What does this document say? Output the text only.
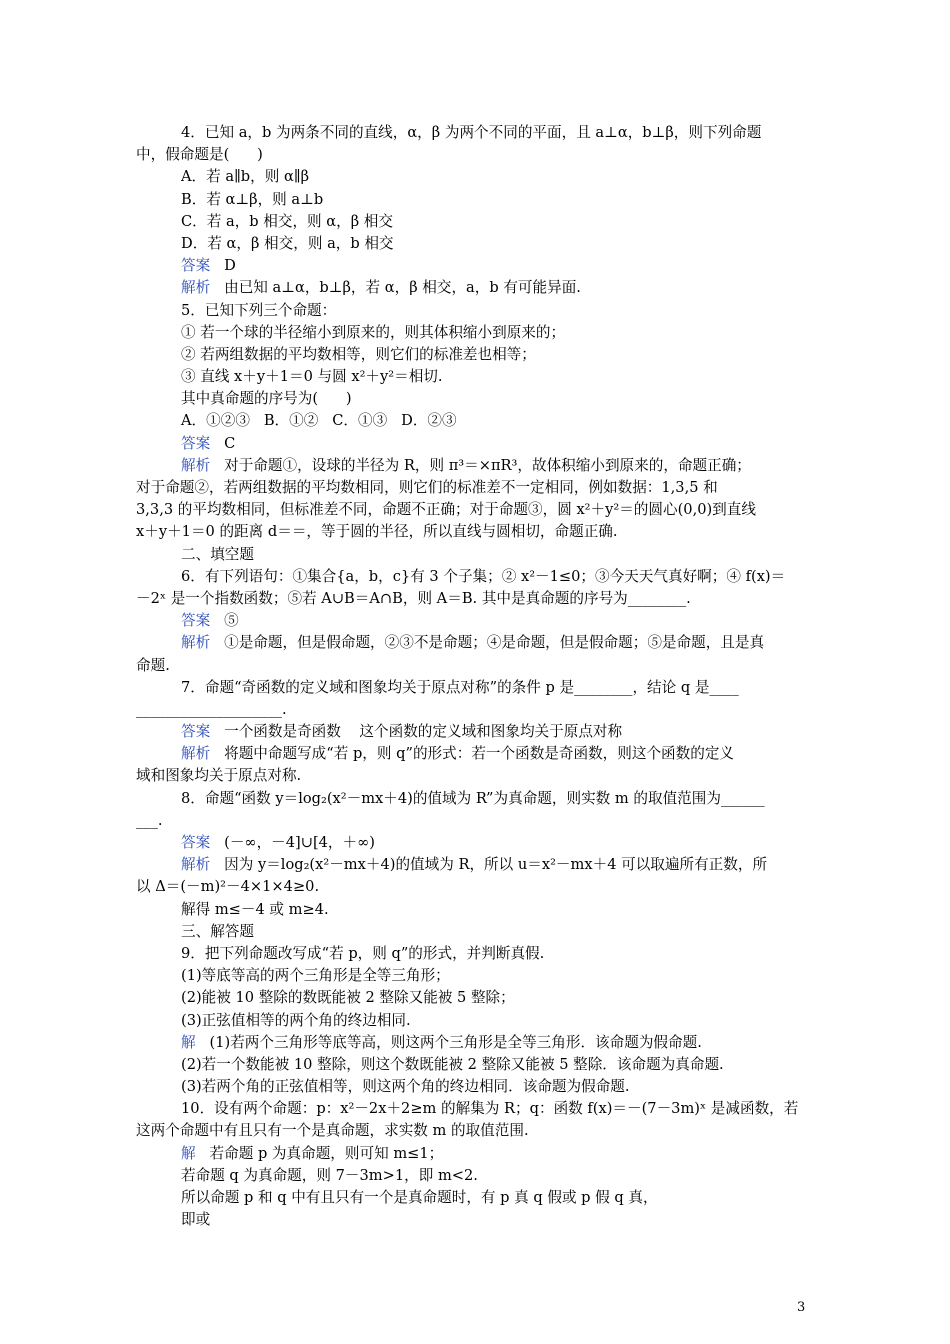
4．已知 a，b 为两条不同的直线，α，β 为两个不同的平面，且 a⊥α，b⊥β，则下列命题
中，假命题是(      )
A．若 a∥b，则 α∥β
B．若 α⊥β，则 a⊥b
C．若 a，b 相交，则 α，β 相交
D．若 α，β 相交，则 a，b 相交
答案   D
解析   由已知 a⊥α，b⊥β，若 α，β 相交，a，b 有可能异面.
5．已知下列三个命题：
① 若一个球的半径缩小到原来的，则其体积缩小到原来的；
② 若两组数据的平均数相等，则它们的标准差也相等；
③ 直线 x＋y＋1＝0 与圆 x²＋y²＝相切.
其中真命题的序号为(      )
A．①②③   B．①②   C．①③   D．②③
答案   C
解析   对于命题①，设球的半径为 R，则 π³＝×πR³，故体积缩小到原来的，命题正确；
对于命题②，若两组数据的平均数相同，则它们的标准差不一定相同，例如数据：1,3,5 和
3,3,3 的平均数相同，但标准差不同，命题不正确；对于命题③，圆 x²＋y²＝的圆心(0,0)到直线
x＋y＋1＝0 的距离 d＝＝，等于圆的半径，所以直线与圆相切，命题正确.
二、填空题
6．有下列语句：①集合{a，b，c}有 3 个子集；② x²－1≤0；③今天天气真好啊；④ f(x)＝
－2ˣ 是一个指数函数；⑤若 A∪B＝A∩B，则 A＝B. 其中是真命题的序号为________.
答案   ⑤
解析   ①是命题，但是假命题，②③不是命题；④是命题，但是假命题；⑤是命题，且是真
命题.
7．命题“奇函数的定义域和图象均关于原点对称”的条件 p 是________，结论 q 是____
____________________.
答案   一个函数是奇函数    这个函数的定义域和图象均关于原点对称
解析   将题中命题写成“若 p，则 q”的形式：若一个函数是奇函数，则这个函数的定义
域和图象均关于原点对称.
8．命题“函数 y＝log₂(x²－mx＋4)的值域为 R”为真命题，则实数 m 的取值范围为______
___.
答案   (－∞，－4]∪[4，＋∞)
解析   因为 y＝log₂(x²－mx＋4)的值域为 R，所以 u＝x²－mx＋4 可以取遍所有正数，所
以 Δ＝(－m)²－4×1×4≥0.
解得 m≤－4 或 m≥4.
三、解答题
9．把下列命题改写成“若 p，则 q”的形式，并判断真假.
(1)等底等高的两个三角形是全等三角形；
(2)能被 10 整除的数既能被 2 整除又能被 5 整除；
(3)正弦值相等的两个角的终边相同.
解   (1)若两个三角形等底等高，则这两个三角形是全等三角形．该命题为假命题.
(2)若一个数能被 10 整除，则这个数既能被 2 整除又能被 5 整除．该命题为真命题.
(3)若两个角的正弦值相等，则这两个角的终边相同．该命题为假命题.
10．设有两个命题：p：x²－2x＋2≥m 的解集为 R；q：函数 f(x)＝－(7－3m)ˣ 是减函数，若
这两个命题中有且只有一个是真命题，求实数 m 的取值范围.
解   若命题 p 为真命题，则可知 m≤1；
若命题 q 为真命题，则 7－3m>1，即 m<2.
所以命题 p 和 q 中有且只有一个是真命题时，有 p 真 q 假或 p 假 q 真，
即或
3
